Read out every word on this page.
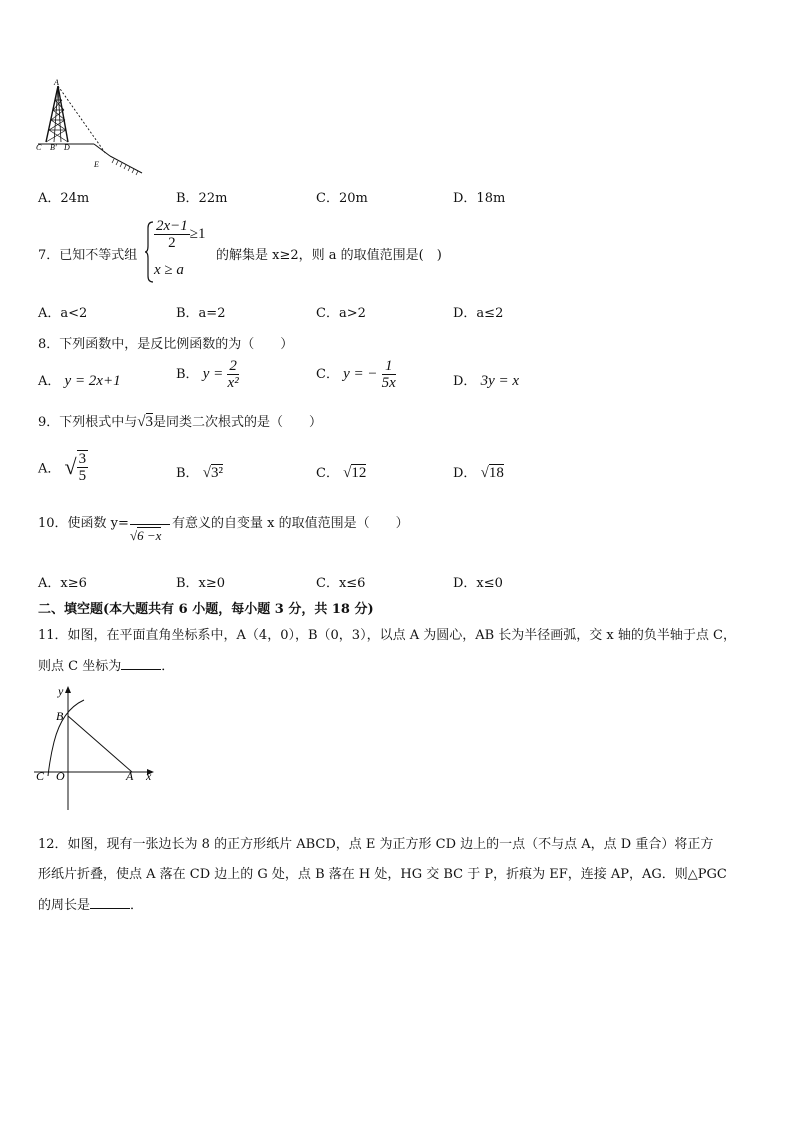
A
C B' D
E
A．24m	B．22m	C．20m	D．18m
7．已知不等式组
$\frac{2x-1}{2} \ge 1$
x ≥ a
的解集是 x≥2，则 a 的取值范围是(　)
A．a<2	B．a=2	C．a>2	D．a≤2
8．下列函数中，是反比例函数的为（　　）
A． y = 2x+1	B． $y = \frac{2}{\text{x²}}$	C． y = − $\frac{1}{5x}$	D． 3y = x
9．下列根式中与√3是同类二次根式的是（　　）
A． √ $\frac{3}{5}$	B． √3²	C． √12	D． √18
10．使函数 y=
√6 −x
有意义的自变量 x 的取值范围是（　　）
A．x≥6	B．x≥0	C．x≤6	D．x≤0
二、填空题(本大题共有 6 小题，每小题 3 分，共 18 分)
11．如图，在平面直角坐标系中，A（4，0），B（0，3），以点 A 为圆心，AB 长为半径画弧，交 x 轴的负半轴于点 C，
则点 C 坐标为	．
y
B
C O	A x
12．如图，现有一张边长为 8 的正方形纸片 ABCD，点 E 为正方形 CD 边上的一点（不与点 A，点 D 重合）将正方
形纸片折叠，使点 A 落在 CD 边上的 G 处，点 B 落在 H 处，HG 交 BC 于 P，折痕为 EF，连接 AP，AG．则△PGC
的周长是	．
